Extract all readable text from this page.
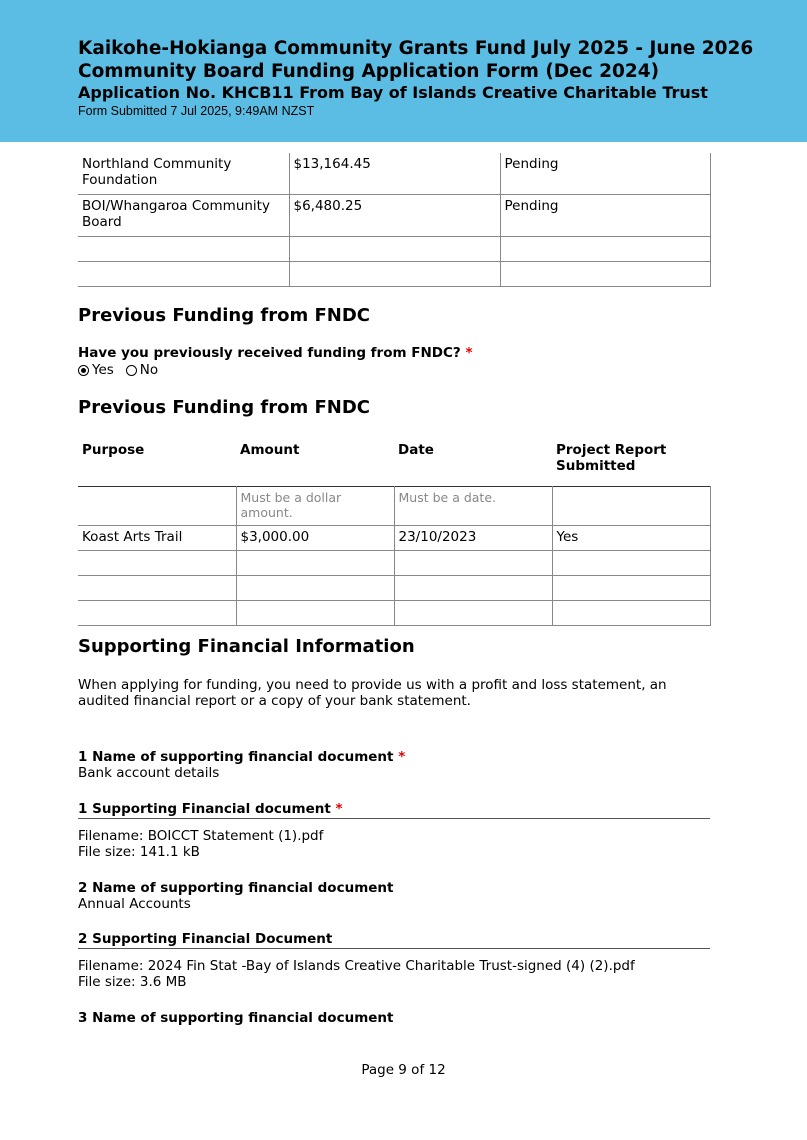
Kaikohe-Hokianga Community Grants Fund July 2025 - June 2026
Community Board Funding Application Form (Dec 2024)
Application No. KHCB11 From Bay of Islands Creative Charitable Trust
Form Submitted 7 Jul 2025, 9:49AM NZST
Northland Community Foundation	$13,164.45	Pending
BOI/Whangaroa Community Board	$6,480.25	Pending

Previous Funding from FNDC
Have you previously received funding from FNDC? *
Yes No
Previous Funding from FNDC
Purpose	Amount	Date	Project Report Submitted
	Must be a dollar amount.	Must be a date.	
Koast Arts Trail	$3,000.00	23/10/2023	Yes

Supporting Financial Information
When applying for funding, you need to provide us with a profit and loss statement, an audited financial report or a copy of your bank statement.
1 Name of supporting financial document *
Bank account details
1 Supporting Financial document *
Filename: BOICCT Statement (1).pdf
File size: 141.1 kB
2 Name of supporting financial document
Annual Accounts
2 Supporting Financial Document
Filename: 2024 Fin Stat -Bay of Islands Creative Charitable Trust-signed (4) (2).pdf
File size: 3.6 MB
3 Name of supporting financial document
Page 9 of 12
